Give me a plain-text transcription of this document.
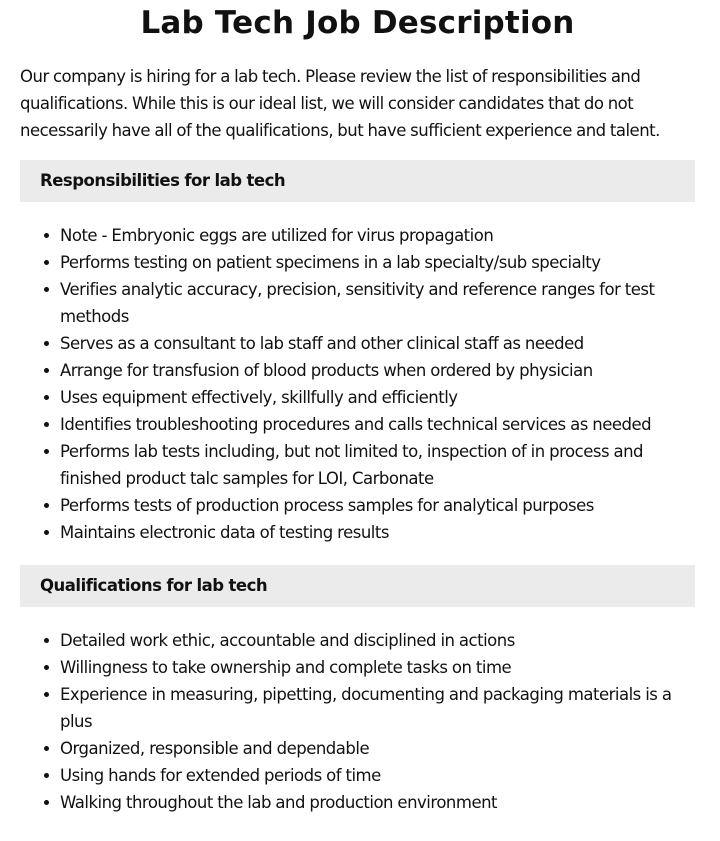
Lab Tech Job Description

Our company is hiring for a lab tech. Please review the list of responsibilities and qualifications. While this is our ideal list, we will consider candidates that do not necessarily have all of the qualifications, but have sufficient experience and talent.

Responsibilities for lab tech
Note - Embryonic eggs are utilized for virus propagation
Performs testing on patient specimens in a lab specialty/sub specialty
Verifies analytic accuracy, precision, sensitivity and reference ranges for test methods
Serves as a consultant to lab staff and other clinical staff as needed
Arrange for transfusion of blood products when ordered by physician
Uses equipment effectively, skillfully and efficiently
Identifies troubleshooting procedures and calls technical services as needed
Performs lab tests including, but not limited to, inspection of in process and finished product talc samples for LOI, Carbonate
Performs tests of production process samples for analytical purposes
Maintains electronic data of testing results
Qualifications for lab tech
Detailed work ethic, accountable and disciplined in actions
Willingness to take ownership and complete tasks on time
Experience in measuring, pipetting, documenting and packaging materials is a plus
Organized, responsible and dependable
Using hands for extended periods of time
Walking throughout the lab and production environment
